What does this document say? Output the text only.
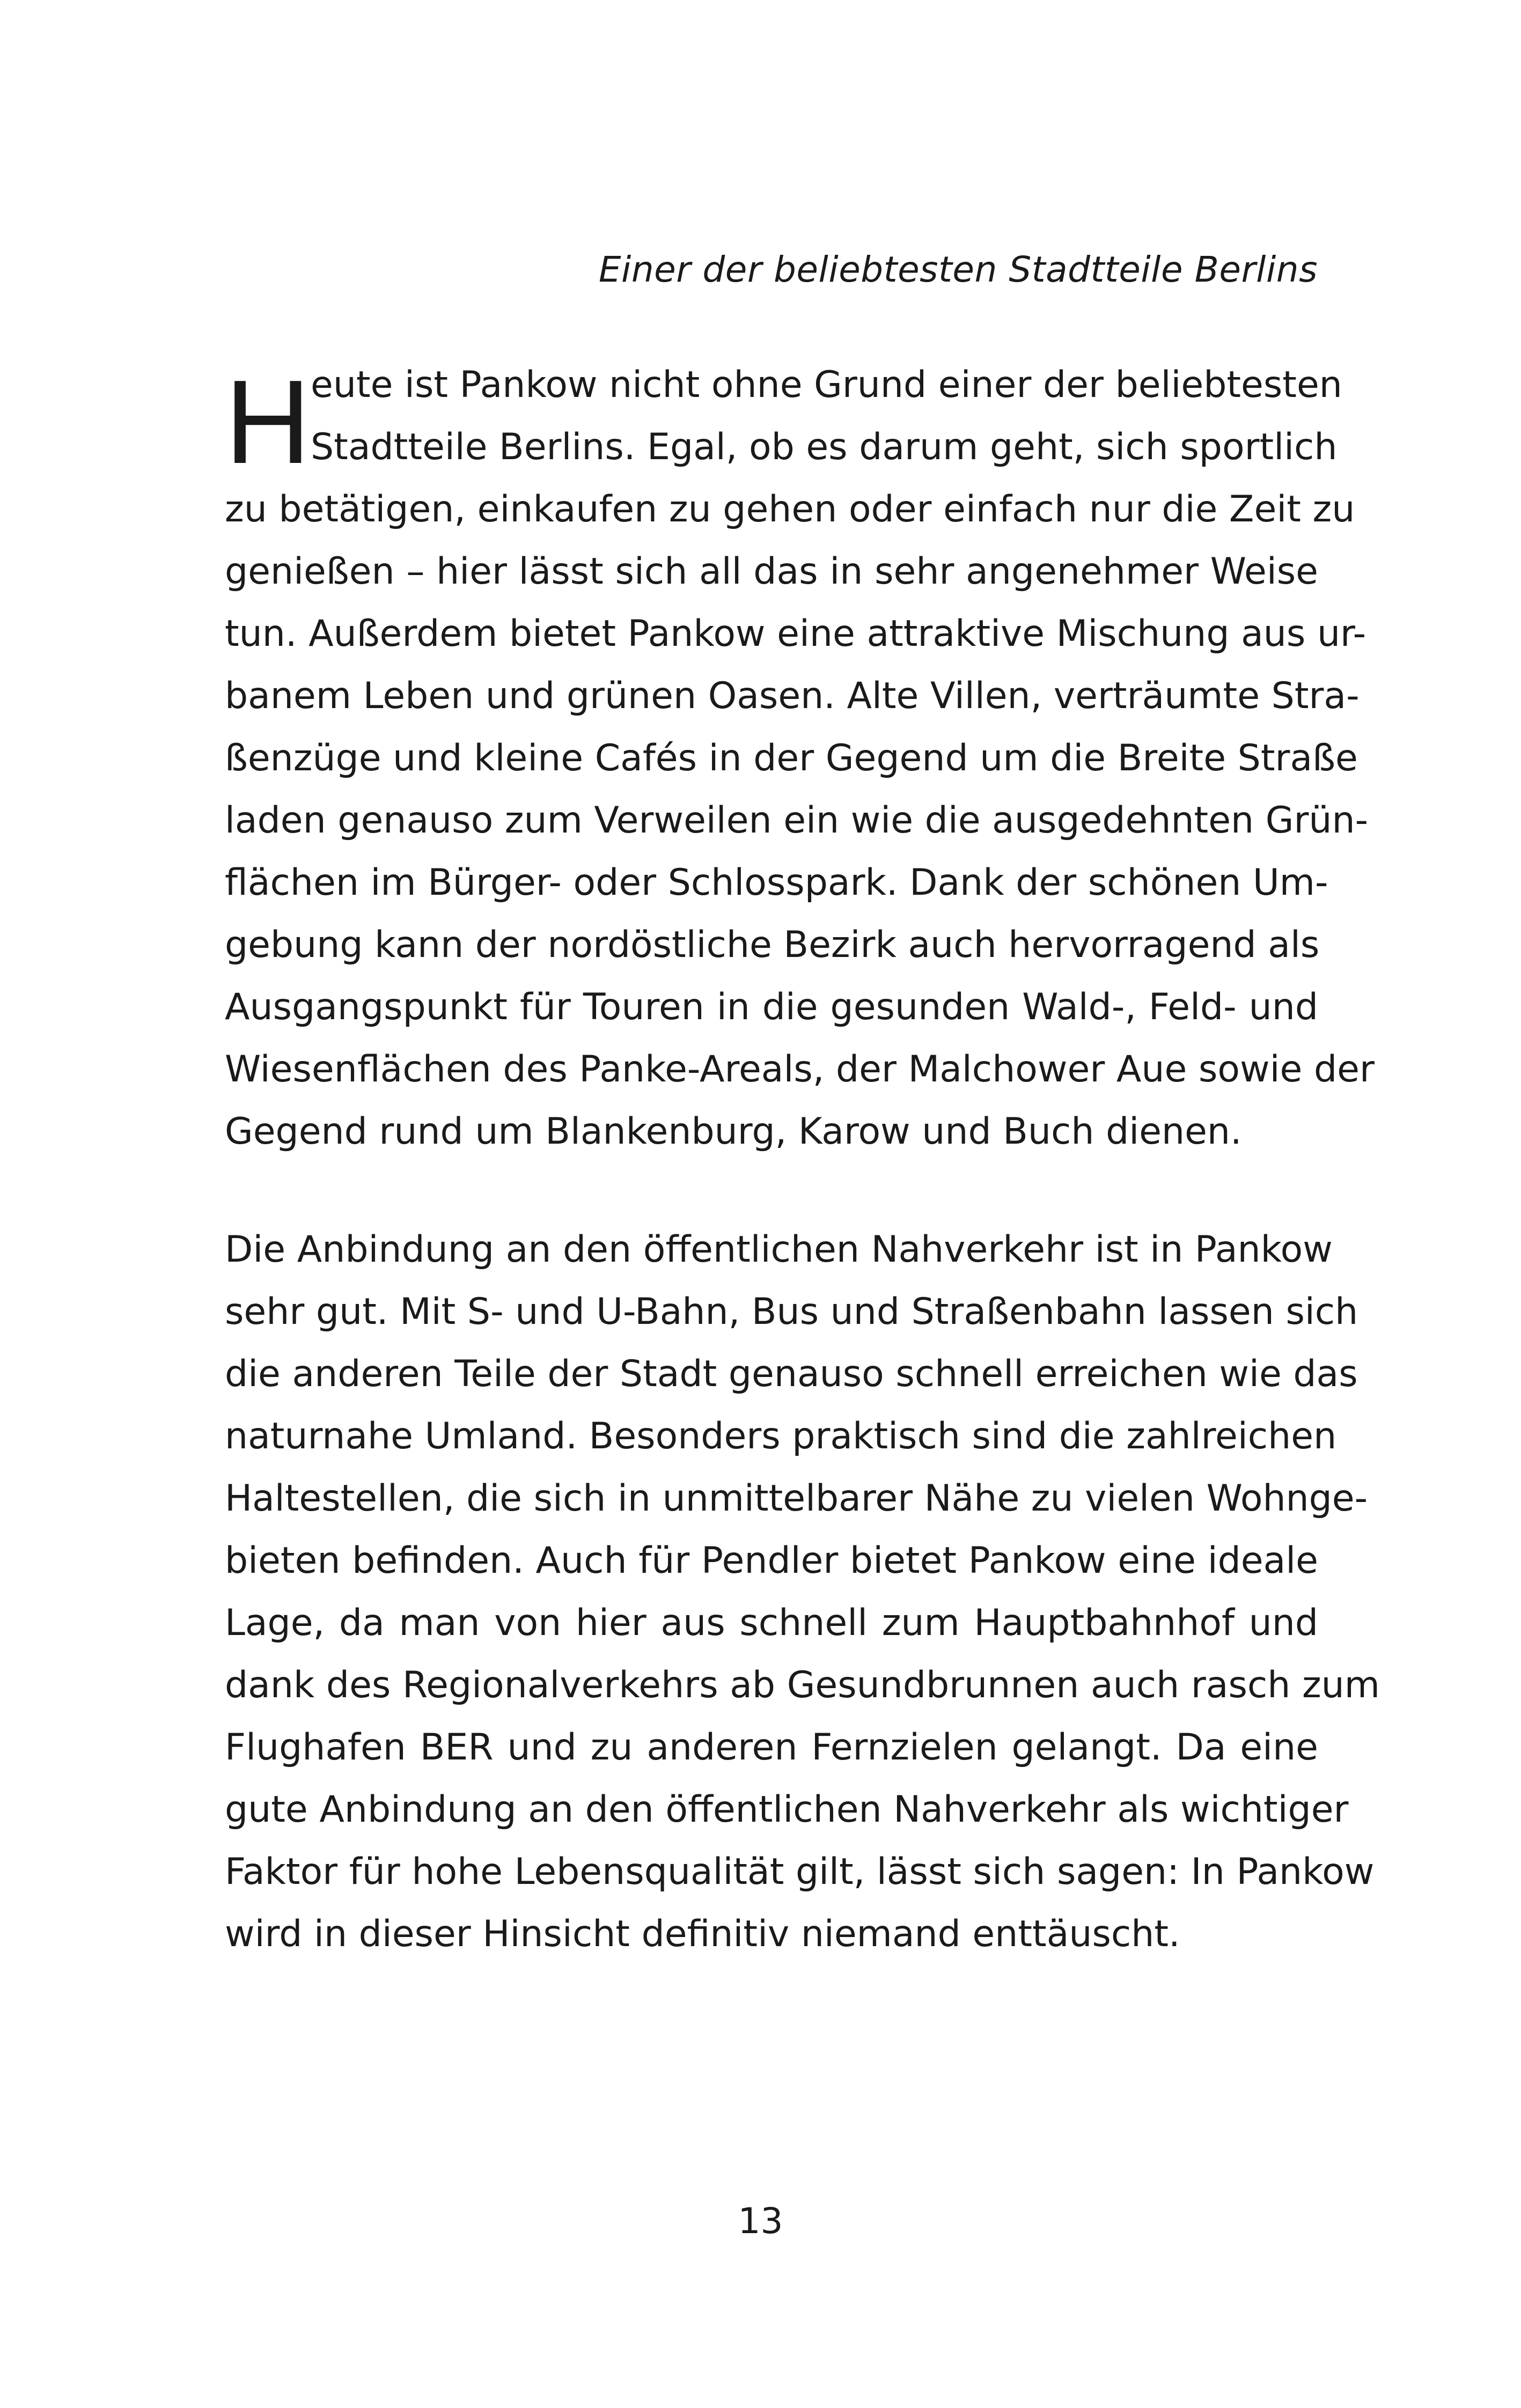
Einer der beliebtesten Stadtteile Berlins
H eute ist Pankow nicht ohne Grund einer der beliebtesten
Stadtteile Berlins. Egal, ob es darum geht, sich sportlich
zu betätigen, einkaufen zu gehen oder einfach nur die Zeit zu
genießen – hier lässt sich all das in sehr angenehmer Weise
tun. Außerdem bietet Pankow eine attraktive Mischung aus ur-
banem Leben und grünen Oasen. Alte Villen, verträumte Stra-
ßenzüge und kleine Cafés in der Gegend um die Breite Straße
laden genauso zum Verweilen ein wie die ausgedehnten Grün-
flächen im Bürger- oder Schlosspark. Dank der schönen Um-
gebung kann der nordöstliche Bezirk auch hervorragend als
Ausgangspunkt für Touren in die gesunden Wald-, Feld- und
Wiesenflächen des Panke-Areals, der Malchower Aue sowie der
Gegend rund um Blankenburg, Karow und Buch dienen.
Die Anbindung an den öffentlichen Nahverkehr ist in Pankow
sehr gut. Mit S- und U-Bahn, Bus und Straßenbahn lassen sich
die anderen Teile der Stadt genauso schnell erreichen wie das
naturnahe Umland. Besonders praktisch sind die zahlreichen
Haltestellen, die sich in unmittelbarer Nähe zu vielen Wohnge-
bieten befinden. Auch für Pendler bietet Pankow eine ideale
Lage, da man von hier aus schnell zum Hauptbahnhof und
dank des Regionalverkehrs ab Gesundbrunnen auch rasch zum
Flughafen BER und zu anderen Fernzielen gelangt. Da eine
gute Anbindung an den öffentlichen Nahverkehr als wichtiger
Faktor für hohe Lebensqualität gilt, lässt sich sagen: In Pankow
wird in dieser Hinsicht definitiv niemand enttäuscht.
13
